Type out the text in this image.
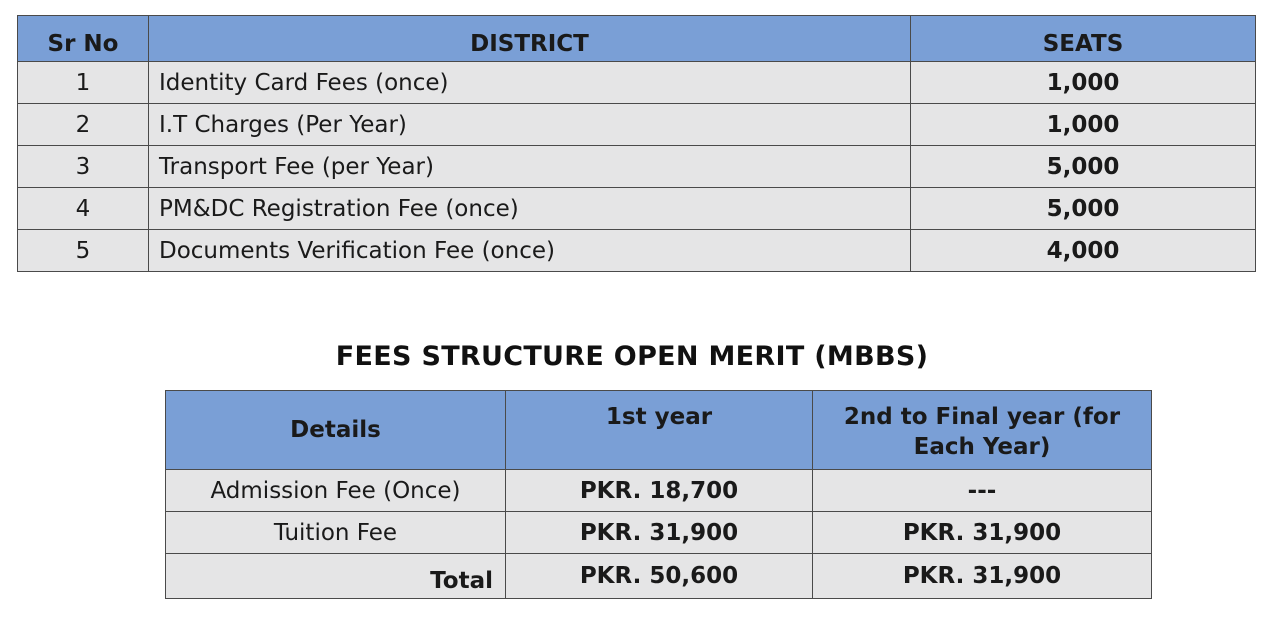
Sr No	DISTRICT	SEATS
1	Identity Card Fees (once)	1,000
2	I.T Charges (Per Year)	1,000
3	Transport Fee (per Year)	5,000
4	PM&DC Registration Fee (once)	5,000
5	Documents Verification Fee (once)	4,000
FEES STRUCTURE OPEN MERIT (MBBS)
Details	1st year	2nd to Final year (for Each Year)
Admission Fee (Once)	PKR. 18,700	---
Tuition Fee	PKR. 31,900	PKR. 31,900
Total	PKR. 50,600	PKR. 31,900
